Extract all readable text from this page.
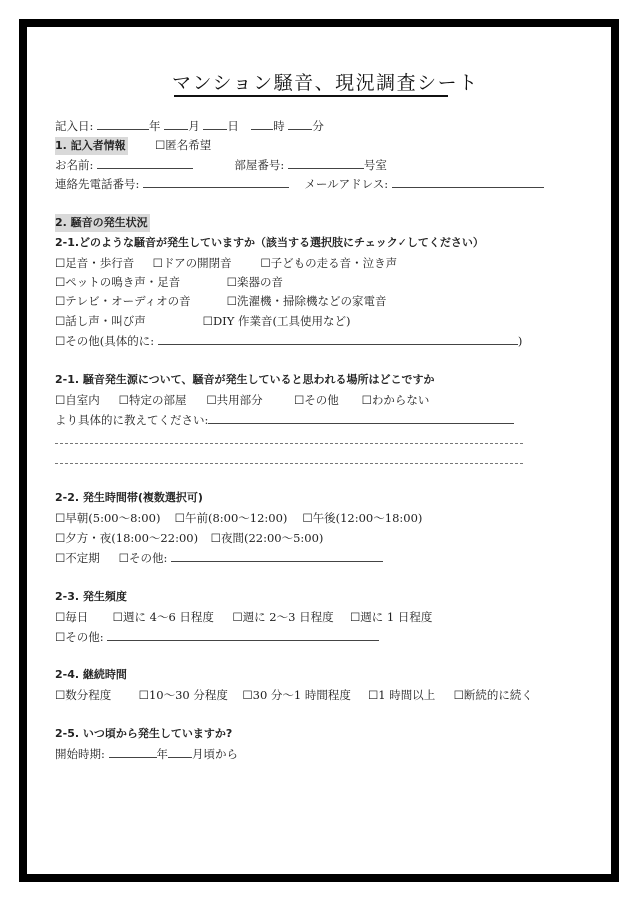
マンション騒音、現況調査シート
記入日:	年 月 日	時 分
1. 記入者情報	☐匿名希望
お名前:	部屋番号:	号室
連絡先電話番号:	メールアドレス:
2. 騒音の発生状況
2-1.どのような騒音が発生していますか（該当する選択肢にチェック✓してください）
☐足音・歩行音 ☐ドアの開閉音 ☐子どもの走る音・泣き声
☐ペットの鳴き声・足音	☐楽器の音
☐テレビ・オーディオの音	☐洗濯機・掃除機などの家電音
☐話し声・叫び声	☐DIY 作業音(工具使用など)
☐その他(具体的に:	)
2-1. 騒音発生源について、騒音が発生していると思われる場所はどこですか
☐自室内 ☐特定の部屋 ☐共用部分	☐その他 ☐わからない
より具体的に教えてください:
2-2. 発生時間帯(複数選択可)
☐早朝(5:00～8:00) ☐午前(8:00～12:00) ☐午後(12:00～18:00)
☐夕方・夜(18:00～22:00) ☐夜間(22:00～5:00)
☐不定期 ☐その他:
2-3. 発生頻度
☐毎日 ☐週に 4～6 日程度 ☐週に 2～3 日程度 ☐週に 1 日程度
☐その他:
2-4. 継続時間
☐数分程度 ☐10～30 分程度 ☐30 分～1 時間程度 ☐1 時間以上 ☐断続的に続く
2-5. いつ頃から発生していますか?
開始時期:	年 月頃から
